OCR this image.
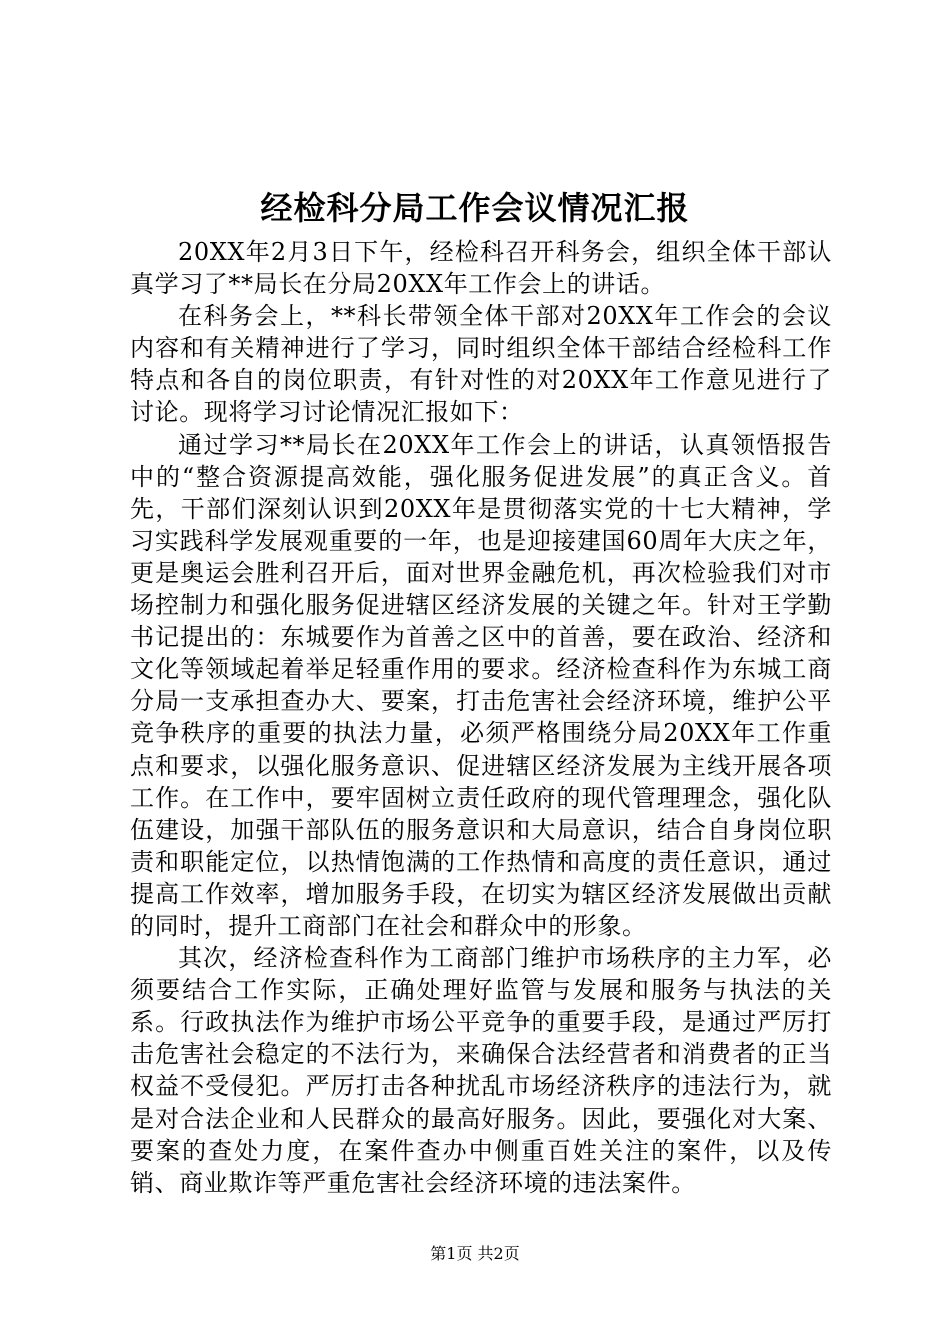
经检科分局工作会议情况汇报

20XX年2月3日下午，经检科召开科务会，组织全体干部认真学习了**局长在分局20XX年工作会上的讲话。

在科务会上，**科长带领全体干部对20XX年工作会的会议内容和有关精神进行了学习，同时组织全体干部结合经检科工作特点和各自的岗位职责，有针对性的对20XX年工作意见进行了讨论。现将学习讨论情况汇报如下：

通过学习**局长在20XX年工作会上的讲话，认真领悟报告中的“整合资源提高效能，强化服务促进发展”的真正含义。首先，干部们深刻认识到20XX年是贯彻落实党的十七大精神，学习实践科学发展观重要的一年，也是迎接建国60周年大庆之年，更是奥运会胜利召开后，面对世界金融危机，再次检验我们对市场控制力和强化服务促进辖区经济发展的关键之年。针对王学勤书记提出的：东城要作为首善之区中的首善，要在政治、经济和文化等领域起着举足轻重作用的要求。经济检查科作为东城工商分局一支承担查办大、要案，打击危害社会经济环境，维护公平竞争秩序的重要的执法力量，必须严格围绕分局20XX年工作重点和要求，以强化服务意识、促进辖区经济发展为主线开展各项工作。在工作中，要牢固树立责任政府的现代管理理念，强化队伍建设，加强干部队伍的服务意识和大局意识，结合自身岗位职责和职能定位，以热情饱满的工作热情和高度的责任意识，通过提高工作效率，增加服务手段，在切实为辖区经济发展做出贡献的同时，提升工商部门在社会和群众中的形象。

其次，经济检查科作为工商部门维护市场秩序的主力军，必须要结合工作实际，正确处理好监管与发展和服务与执法的关系。行政执法作为维护市场公平竞争的重要手段，是通过严厉打击危害社会稳定的不法行为，来确保合法经营者和消费者的正当权益不受侵犯。严厉打击各种扰乱市场经济秩序的违法行为，就是对合法企业和人民群众的最高好服务。因此，要强化对大案、要案的查处力度，在案件查办中侧重百姓关注的案件，以及传销、商业欺诈等严重危害社会经济环境的违法案件。

第1页 共2页
